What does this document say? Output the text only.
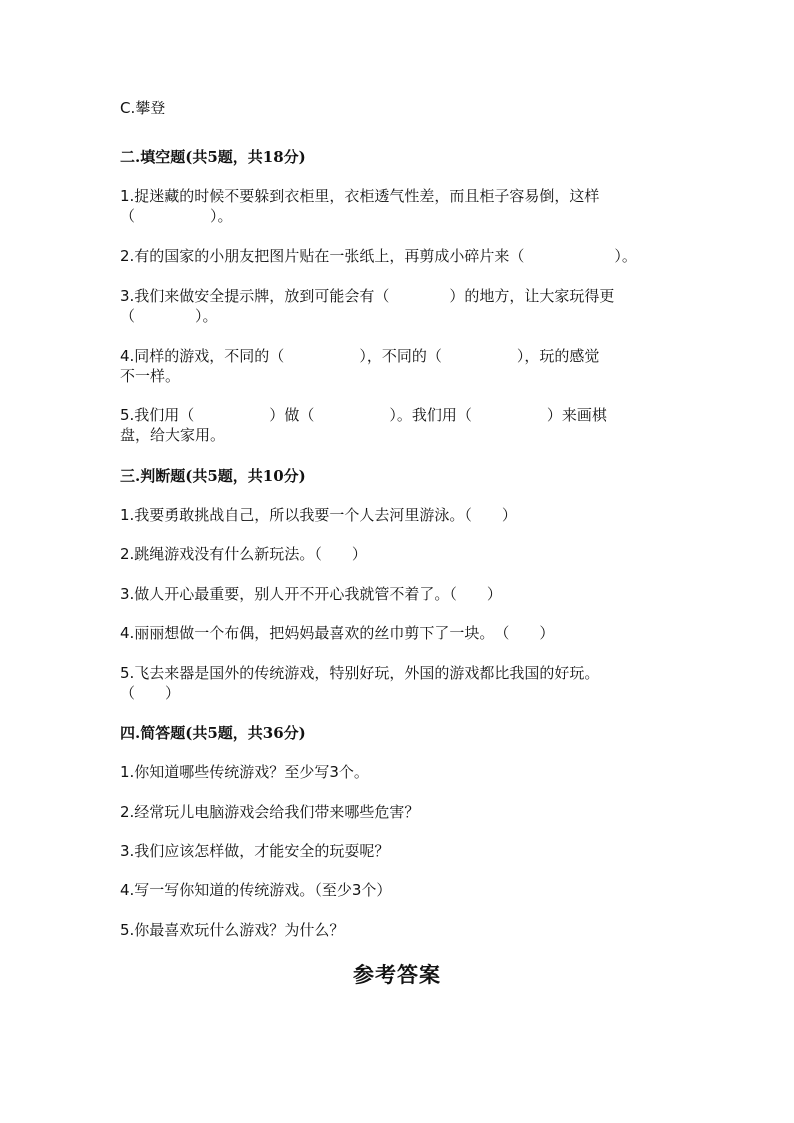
C.攀登
二.填空题(共5题，共18分)
1.捉迷藏的时候不要躲到衣柜里，衣柜透气性差，而且柜子容易倒，这样
（　　　　　）。
2.有的国家的小朋友把图片贴在一张纸上，再剪成小碎片来（　　　　　　）。
3.我们来做安全提示牌，放到可能会有（　　　　）的地方，让大家玩得更
（　　　　）。
4.同样的游戏，不同的（　　　　　），不同的（　　　　　），玩的感觉
不一样。
5.我们用（　　　　　）做（　　　　　）。我们用（　　　　　）来画棋
盘，给大家用。
三.判断题(共5题，共10分)
1.我要勇敢挑战自己，所以我要一个人去河里游泳。（　　）
2.跳绳游戏没有什么新玩法。（　　）
3.做人开心最重要，别人开不开心我就管不着了。（　　）
4.丽丽想做一个布偶，把妈妈最喜欢的丝巾剪下了一块。　（　　）
5.飞去来器是国外的传统游戏，特别好玩，外国的游戏都比我国的好玩。
（　　）
四.简答题(共5题，共36分)
1.你知道哪些传统游戏？至少写3个。
2.经常玩儿电脑游戏会给我们带来哪些危害？
3.我们应该怎样做，才能安全的玩耍呢？
4.写一写你知道的传统游戏。（至少3个）
5.你最喜欢玩什么游戏？为什么？
参考答案
